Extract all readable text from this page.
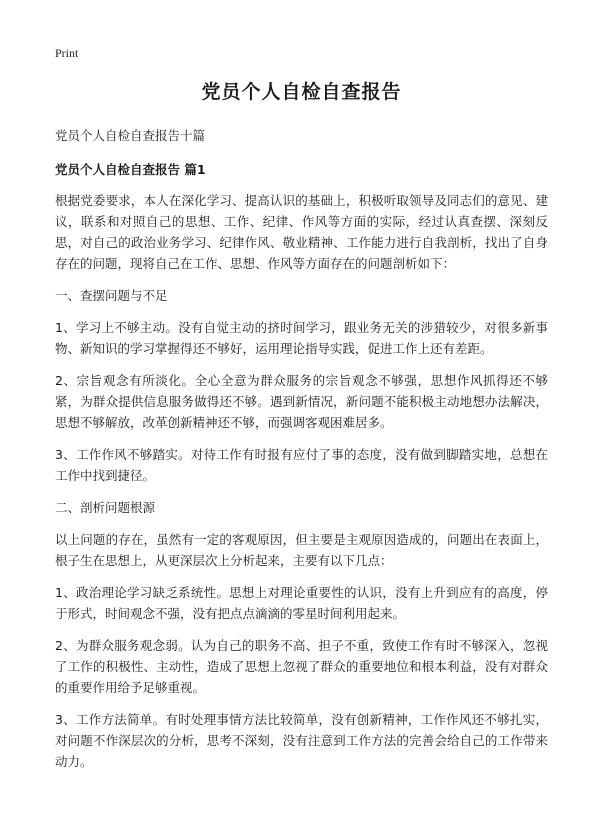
Print
党员个人自检自查报告
党员个人自检自查报告十篇
党员个人自检自查报告 篇1
根据党委要求，本人在深化学习、提高认识的基础上，积极听取领导及同志们的意见、建议，联系和对照自己的思想、工作、纪律、作风等方面的实际，经过认真查摆、深刻反思，对自己的政治业务学习、纪律作风、敬业精神、工作能力进行自我剖析，找出了自身存在的问题，现将自己在工作、思想、作风等方面存在的问题剖析如下：
一、查摆问题与不足
1、学习上不够主动。没有自觉主动的挤时间学习，跟业务无关的涉猎较少，对很多新事物、新知识的学习掌握得还不够好，运用理论指导实践，促进工作上还有差距。
2、宗旨观念有所淡化。全心全意为群众服务的宗旨观念不够强，思想作风抓得还不够紧，为群众提供信息服务做得还不够。遇到新情况，新问题不能积极主动地想办法解决，思想不够解放，改革创新精神还不够，而强调客观困难居多。
3、工作作风不够踏实。对待工作有时报有应付了事的态度，没有做到脚踏实地，总想在工作中找到捷径。
二、剖析问题根源
以上问题的存在，虽然有一定的客观原因，但主要是主观原因造成的，问题出在表面上，根子生在思想上，从更深层次上分析起来，主要有以下几点：
1、政治理论学习缺乏系统性。思想上对理论重要性的认识，没有上升到应有的高度，停于形式，时间观念不强，没有把点点滴滴的零星时间利用起来。
2、为群众服务观念弱。认为自己的职务不高、担子不重，致使工作有时不够深入，忽视了工作的积极性、主动性，造成了思想上忽视了群众的重要地位和根本利益，没有对群众的重要作用给予足够重视。
3、工作方法简单。有时处理事情方法比较简单，没有创新精神，工作作风还不够扎实，对问题不作深层次的分析，思考不深刻，没有注意到工作方法的完善会给自己的工作带来动力。
